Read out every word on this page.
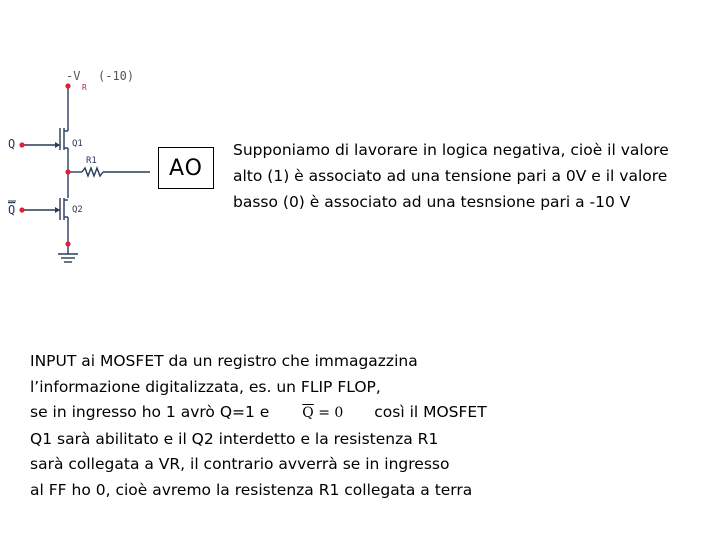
-V (-10)
R
Q
Q
Q1
R1
Q2
AO
Supponiamo di lavorare in logica negativa, cioè il valore
alto (1) è associato ad una tensione pari a 0V e il valore
basso (0) è associato ad una tesnsione pari a -10 V
INPUT ai MOSFET da un registro che immagazzina
l’informazione digitalizzata, es. un FLIP FLOP,
se in ingresso ho 1 avrò Q=1 e $\overline{Q} = 0$ così il MOSFET
Q1 sarà abilitato e il Q2 interdetto e la resistenza R1
sarà collegata a VR, il contrario avverrà se in ingresso
al FF ho 0, cioè avremo la resistenza R1 collegata a terra
